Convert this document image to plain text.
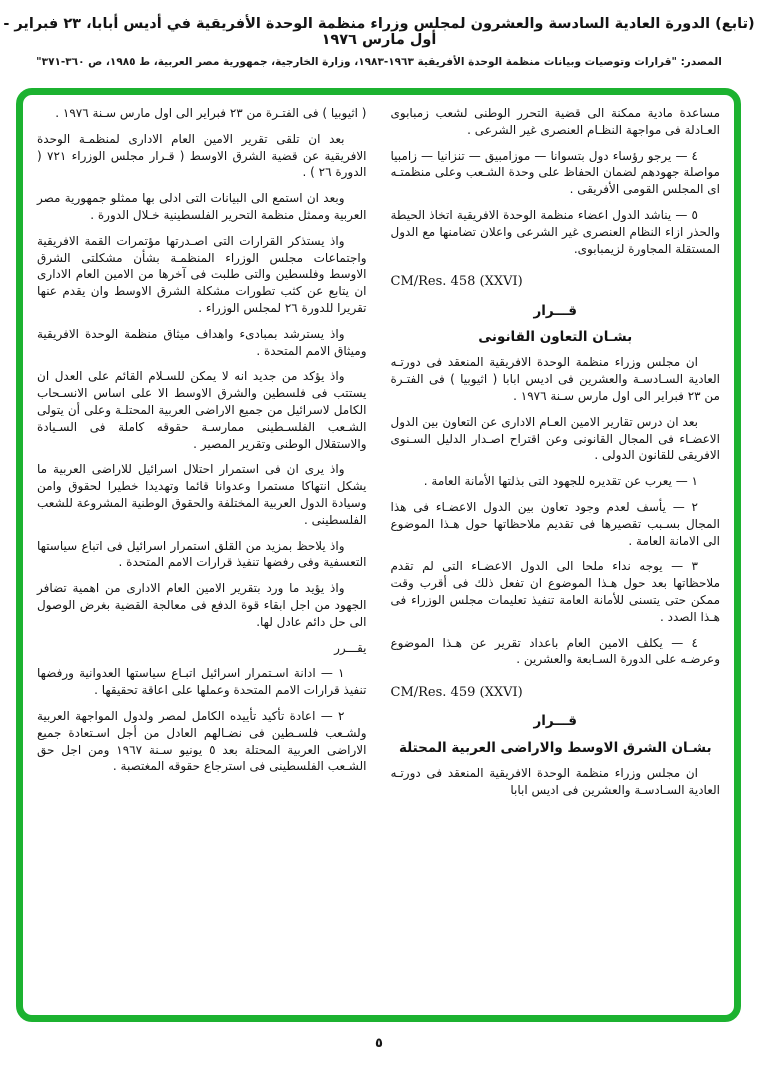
(تابع) الدورة العادية السادسة والعشرون لمجلس وزراء منظمة الوحدة الأفريقية في أديس أبابا، ٢٣ فبراير - أول مارس ١٩٧٦
المصدر: "قرارات وتوصيات وبيانات منظمة الوحدة الأفريقية ١٩٦٣-١٩٨٣، وزارة الخارجية، جمهورية مصر العربية، ط ١٩٨٥، ص ٣٦٠-٣٧١"

مساعدة مادية ممكنة الى قضية التحرر الوطنى لشعب زمبابوى العـادلة فى مواجهة النظـام العنصرى غير الشرعى .

٤ — يرجو رؤساء دول بتسوانا — موزامبيق — تنزانيا — زامبيا مواصلة جهودهم لضمان الحفاظ على وحدة الشـعب وعلى منظمتـه اى المجلس القومى الأفريقى .

٥ — يناشد الدول اعضاء منظمة الوحدة الافريقية اتخاذ الحيطة والحذر ازاء النظام العنصرى غير الشرعى واعلان تضامنها مع الدول المستقلة المجاورة لزيمبابوى.

CM/Res. 458 (XXVI)
قـــرار
بشـان التعاون القانونى

ان مجلس وزراء منظمة الوحدة الافريقية المنعقد فى دورتـه العادية السـادسـة والعشرين فى اديس ابابا ( اثيوبيا ) فى الفتـرة من ٢٣ فبراير الى اول مارس سـنة ١٩٧٦ .

بعد ان درس تقارير الامين العـام الادارى عن التعاون بين الدول الاعضـاء فى المجال القانونى وعن اقتراح اصـدار الدليل السـنوى الافريقى للقانون الدولى .

١ — يعرب عن تقديره للجهود التى بذلتها الأمانة العامة .

٢ — يأسف لعدم وجود تعاون بين الدول الاعضـاء فى هذا المجال بسـبب تقصيرها فى تقديم ملاحظاتها حول هـذا الموضوع الى الامانة العامة .

٣ — يوجه نداء ملحا الى الدول الاعضـاء التى لم تقدم ملاحظاتها بعد حول هـذا الموضوع ان تفعل ذلك فى أقرب وقت ممكن حتى يتسنى للأمانة العامة تنفيذ تعليمات مجلس الوزراء فى هـذا الصدد .

٤ — يكلف الامين العام باعداد تقرير عن هـذا الموضوع وعرضـه على الدورة السـابعة والعشرين .

CM/Res. 459 (XXVI)
قـــرار
بشـان الشرق الاوسط والاراضى العربية المحتلة

ان مجلس وزراء منظمة الوحدة الافريقية المنعقد فى دورتـه العادية السـادسـة والعشرين فى اديس ابابا

( اثيوبيا ) فى الفتـرة من ٢٣ فبراير الى اول مارس سـنة ١٩٧٦ .

بعد ان تلقى تقرير الامين العام الادارى لمنظمـة الوحدة الافريقية عن قضية الشرق الاوسط ( قـرار مجلس الوزراء ٧٢١ ( الدورة ٢٦ ) .

وبعد ان استمع الى البيانات التى ادلى بها ممثلو جمهورية مصر العربية وممثل منظمة التحرير الفلسطينية خـلال الدورة .

واذ يستذكر القرارات التى اصـدرتها مؤتمرات القمة الافريقية واجتماعات مجلس الوزراء المنظمـة بشأن مشكلتى الشرق الاوسط وفلسطين والتى طلبت فى آخرها من الامين العام الادارى ان يتابع عن كثب تطورات مشكلة الشرق الاوسط وان يقدم عنها تقريرا للدورة ٢٦ لمجلس الوزراء .

واذ يسترشد بمبادىء واهداف ميثاق منظمة الوحدة الافريقية وميثاق الامم المتحدة .

واذ يؤكد من جديد انه لا يمكن للسـلام القائم على العدل ان يستتب فى فلسطين والشرق الاوسط الا على اساس الانسـحاب الكامل لاسرائيل من جميع الاراضى العربية المحتلـة وعلى أن يتولى الشـعب الفلسـطينى ممارسـة حقوقه كاملة فى السـيادة والاستقلال الوطنى وتقرير المصير .

واذ يرى ان فى استمرار احتلال اسرائيل للاراضى العربية ما يشكل انتهاكا مستمرا وعدوانا قائما وتهديدا خطيرا لحقوق وامن وسيادة الدول العربية المختلفة والحقوق الوطنية المشروعة للشعب الفلسطينى .

واذ يلاحظ بمزيد من القلق استمرار اسرائيل فى اتباع سياستها التعسفية وفى رفضها تنفيذ قرارات الامم المتحدة .

واذ يؤيد ما ورد بتقرير الامين العام الادارى من اهمية تضافر الجهود من اجل ابقاء قوة الدفع فى معالجة القضية بغرض الوصول الى حل دائم عادل لها.

يقـــرر

١ — ادانة اسـتمرار اسرائيل اتبـاع سياستها العدوانية ورفضها تنفيذ قرارات الامم المتحدة وعملها على اعاقة تحقيقها .

٢ — اعادة تأكيد تأييده الكامل لمصر ولدول المواجهة العربية ولشـعب فلسـطين فى نضـالهم العادل من أجل اسـتعادة جميع الاراضى العربية المحتلة بعد ٥ يونيو سـنة ١٩٦٧ ومن اجل حق الشـعب الفلسطينى فى استرجاع حقوقه المغتصبة .

٥
